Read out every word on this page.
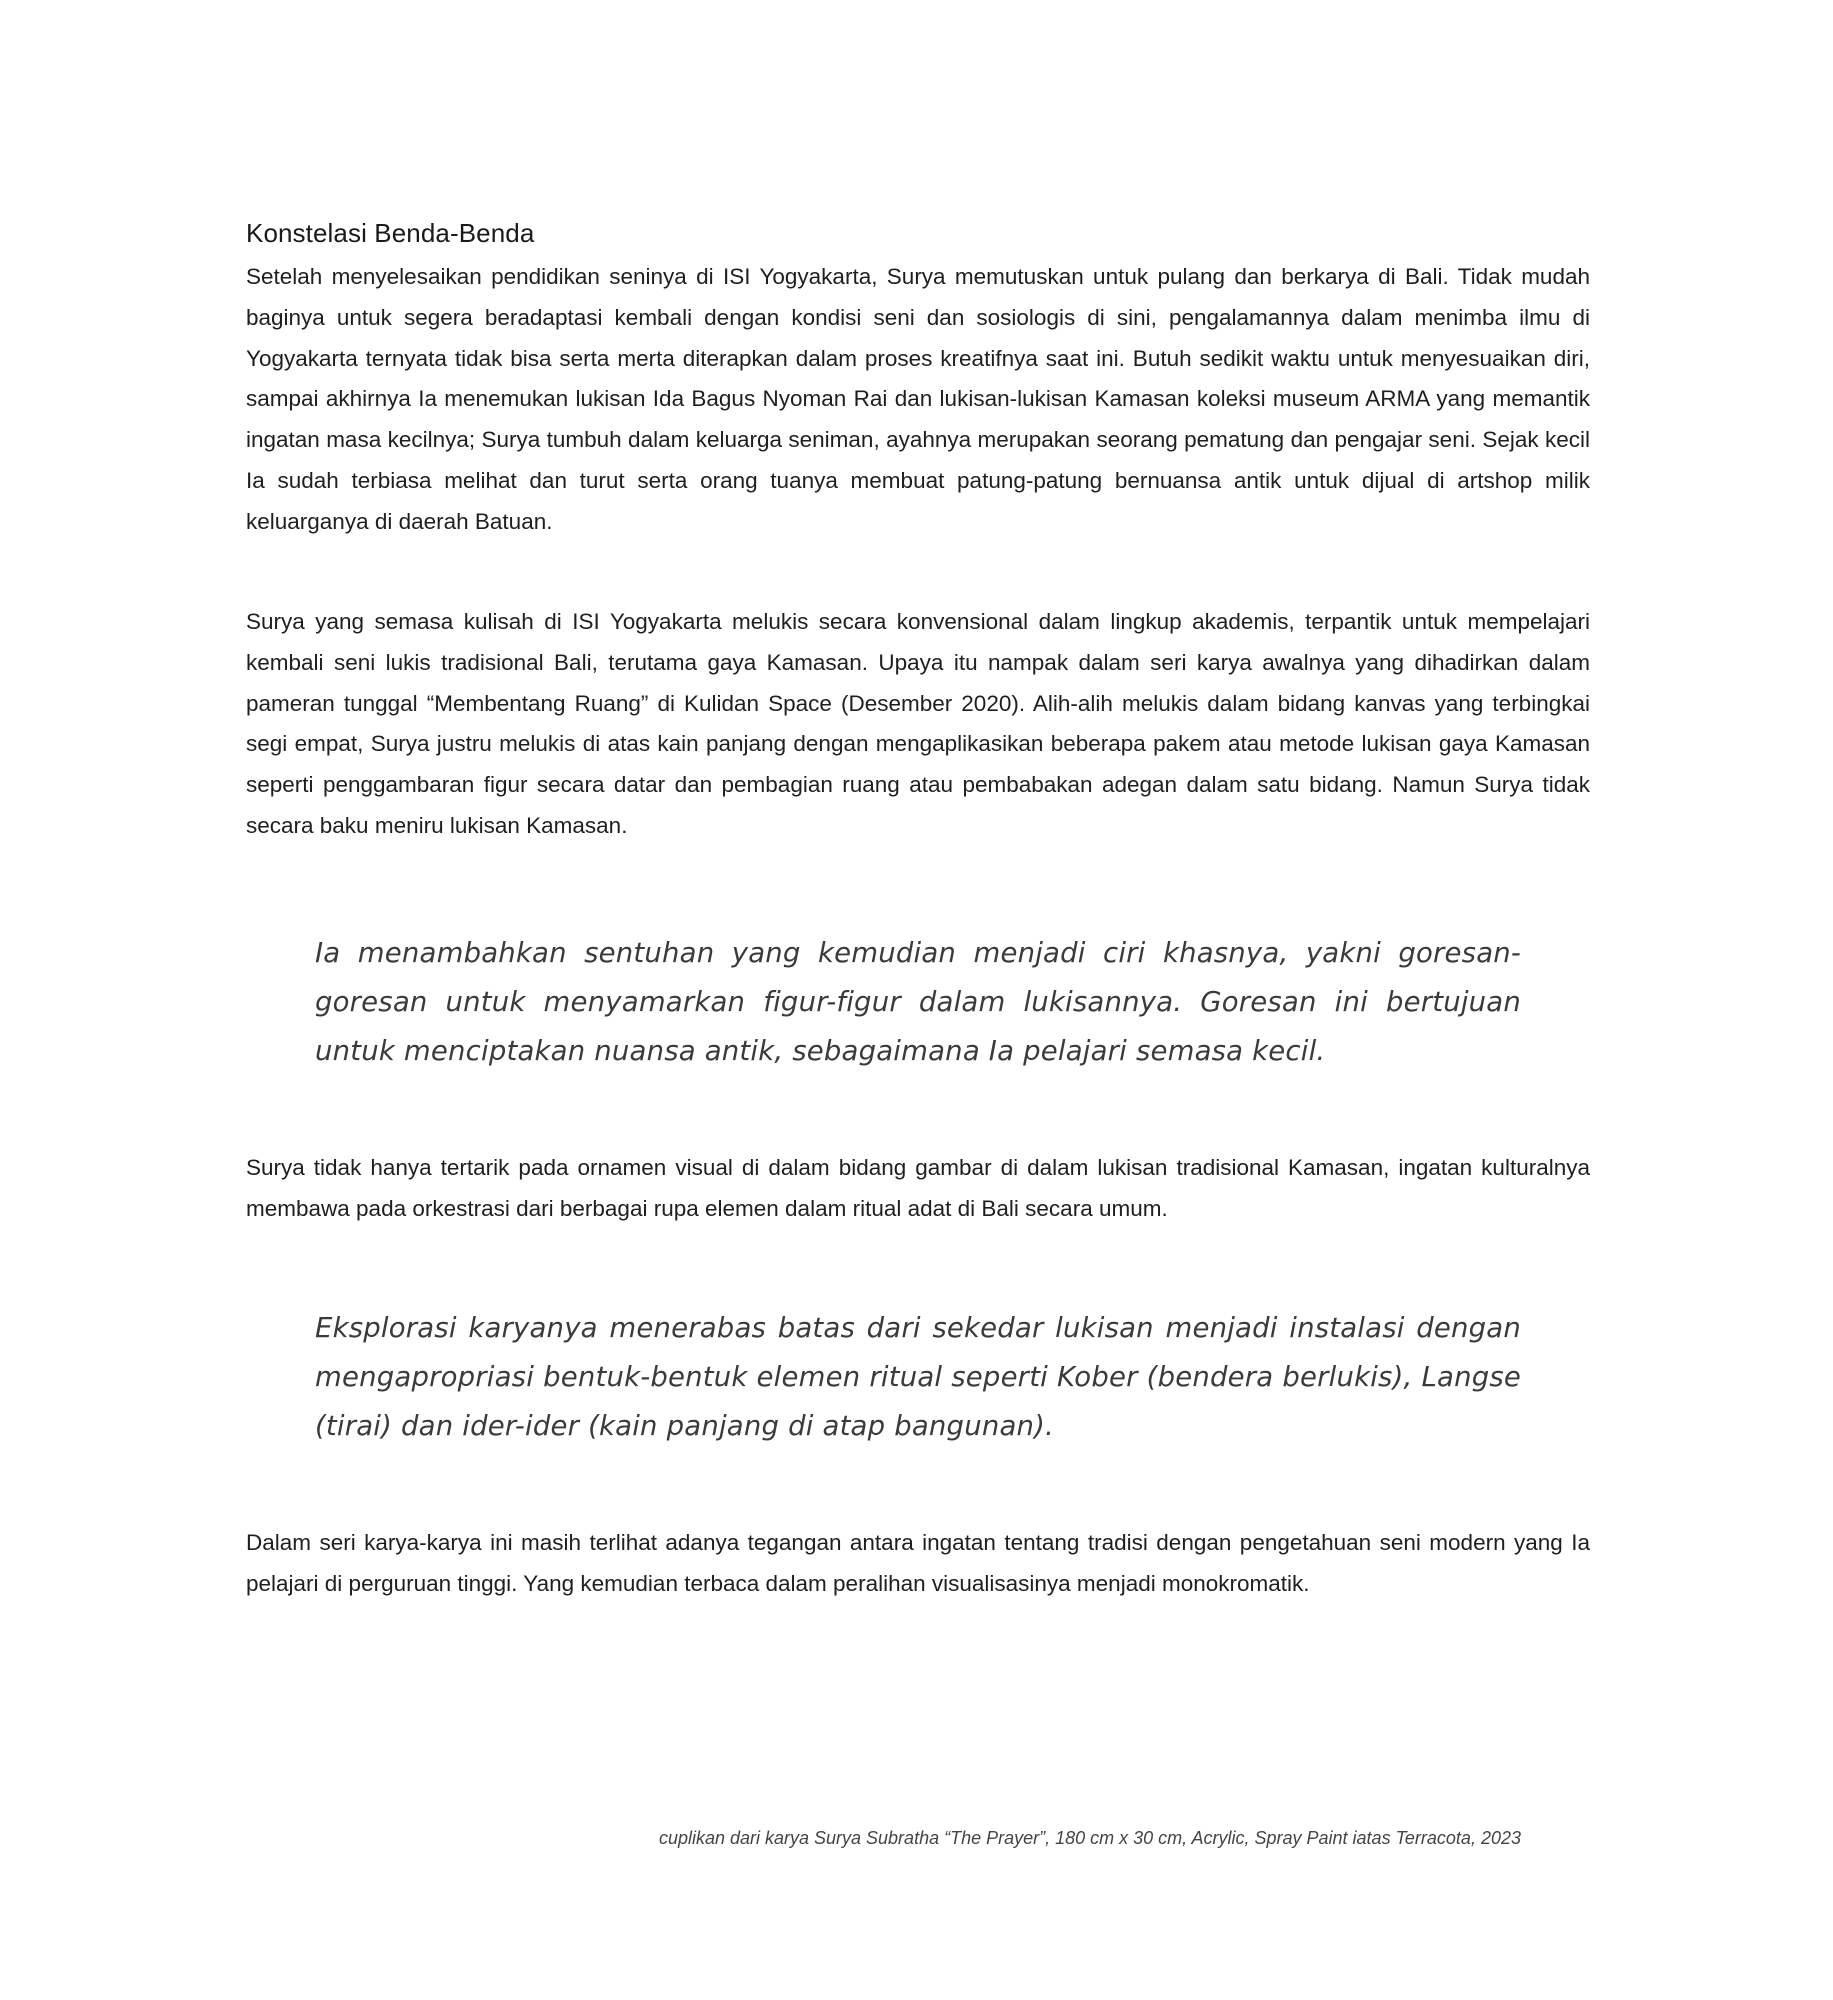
Konstelasi Benda-Benda

Setelah menyelesaikan pendidikan seninya di ISI Yogyakarta, Surya memutuskan untuk pulang dan berkarya di Bali. Tidak mudah baginya untuk segera beradaptasi kembali dengan kondisi seni dan sosiologis di sini, pengalamannya dalam menimba ilmu di Yogyakarta ternyata tidak bisa serta merta diterapkan dalam proses kreatifnya saat ini. Butuh sedikit waktu untuk menyesuaikan diri, sampai akhirnya Ia menemukan lukisan Ida Bagus Nyoman Rai dan lukisan-lukisan Kamasan koleksi museum ARMA yang memantik ingatan masa kecilnya; Surya tumbuh dalam keluarga seniman, ayahnya merupakan seorang pematung dan pengajar seni. Sejak kecil Ia sudah terbiasa melihat dan turut serta orang tuanya membuat patung-patung bernuansa antik untuk dijual di artshop milik keluarganya di daerah Batuan.

Surya yang semasa kulisah di ISI Yogyakarta melukis secara konvensional dalam lingkup akademis, terpantik untuk mempelajari kembali seni lukis tradisional Bali, terutama gaya Kamasan. Upaya itu nampak dalam seri karya awalnya yang dihadirkan dalam pameran tunggal “Membentang Ruang” di Kulidan Space (Desember 2020). Alih-alih melukis dalam bidang kanvas yang terbingkai segi empat, Surya justru melukis di atas kain panjang dengan mengaplikasikan beberapa pakem atau metode lukisan gaya Kamasan seperti penggambaran figur secara datar dan pembagian ruang atau pembabakan adegan dalam satu bidang. Namun Surya tidak secara baku meniru lukisan Kamasan.

Ia menambahkan sentuhan yang kemudian menjadi ciri khasnya, yakni goresan-goresan untuk menyamarkan figur-figur dalam lukisannya. Goresan ini bertujuan untuk menciptakan nuansa antik, sebagaimana Ia pelajari semasa kecil.

Surya tidak hanya tertarik pada ornamen visual di dalam bidang gambar di dalam lukisan tradisional Kamasan, ingatan kulturalnya membawa pada orkestrasi dari berbagai rupa elemen dalam ritual adat di Bali secara umum.

Eksplorasi karyanya menerabas batas dari sekedar lukisan menjadi instalasi dengan mengapropriasi bentuk-bentuk elemen ritual seperti Kober (bendera berlukis), Langse (tirai) dan ider-ider (kain panjang di atap bangunan).

Dalam seri karya-karya ini masih terlihat adanya tegangan antara ingatan tentang tradisi dengan pengetahuan seni modern yang Ia pelajari di perguruan tinggi. Yang kemudian terbaca dalam peralihan visualisasinya menjadi monokromatik.

cuplikan dari karya Surya Subratha “The Prayer”, 180 cm x 30 cm, Acrylic, Spray Paint iatas Terracota, 2023
